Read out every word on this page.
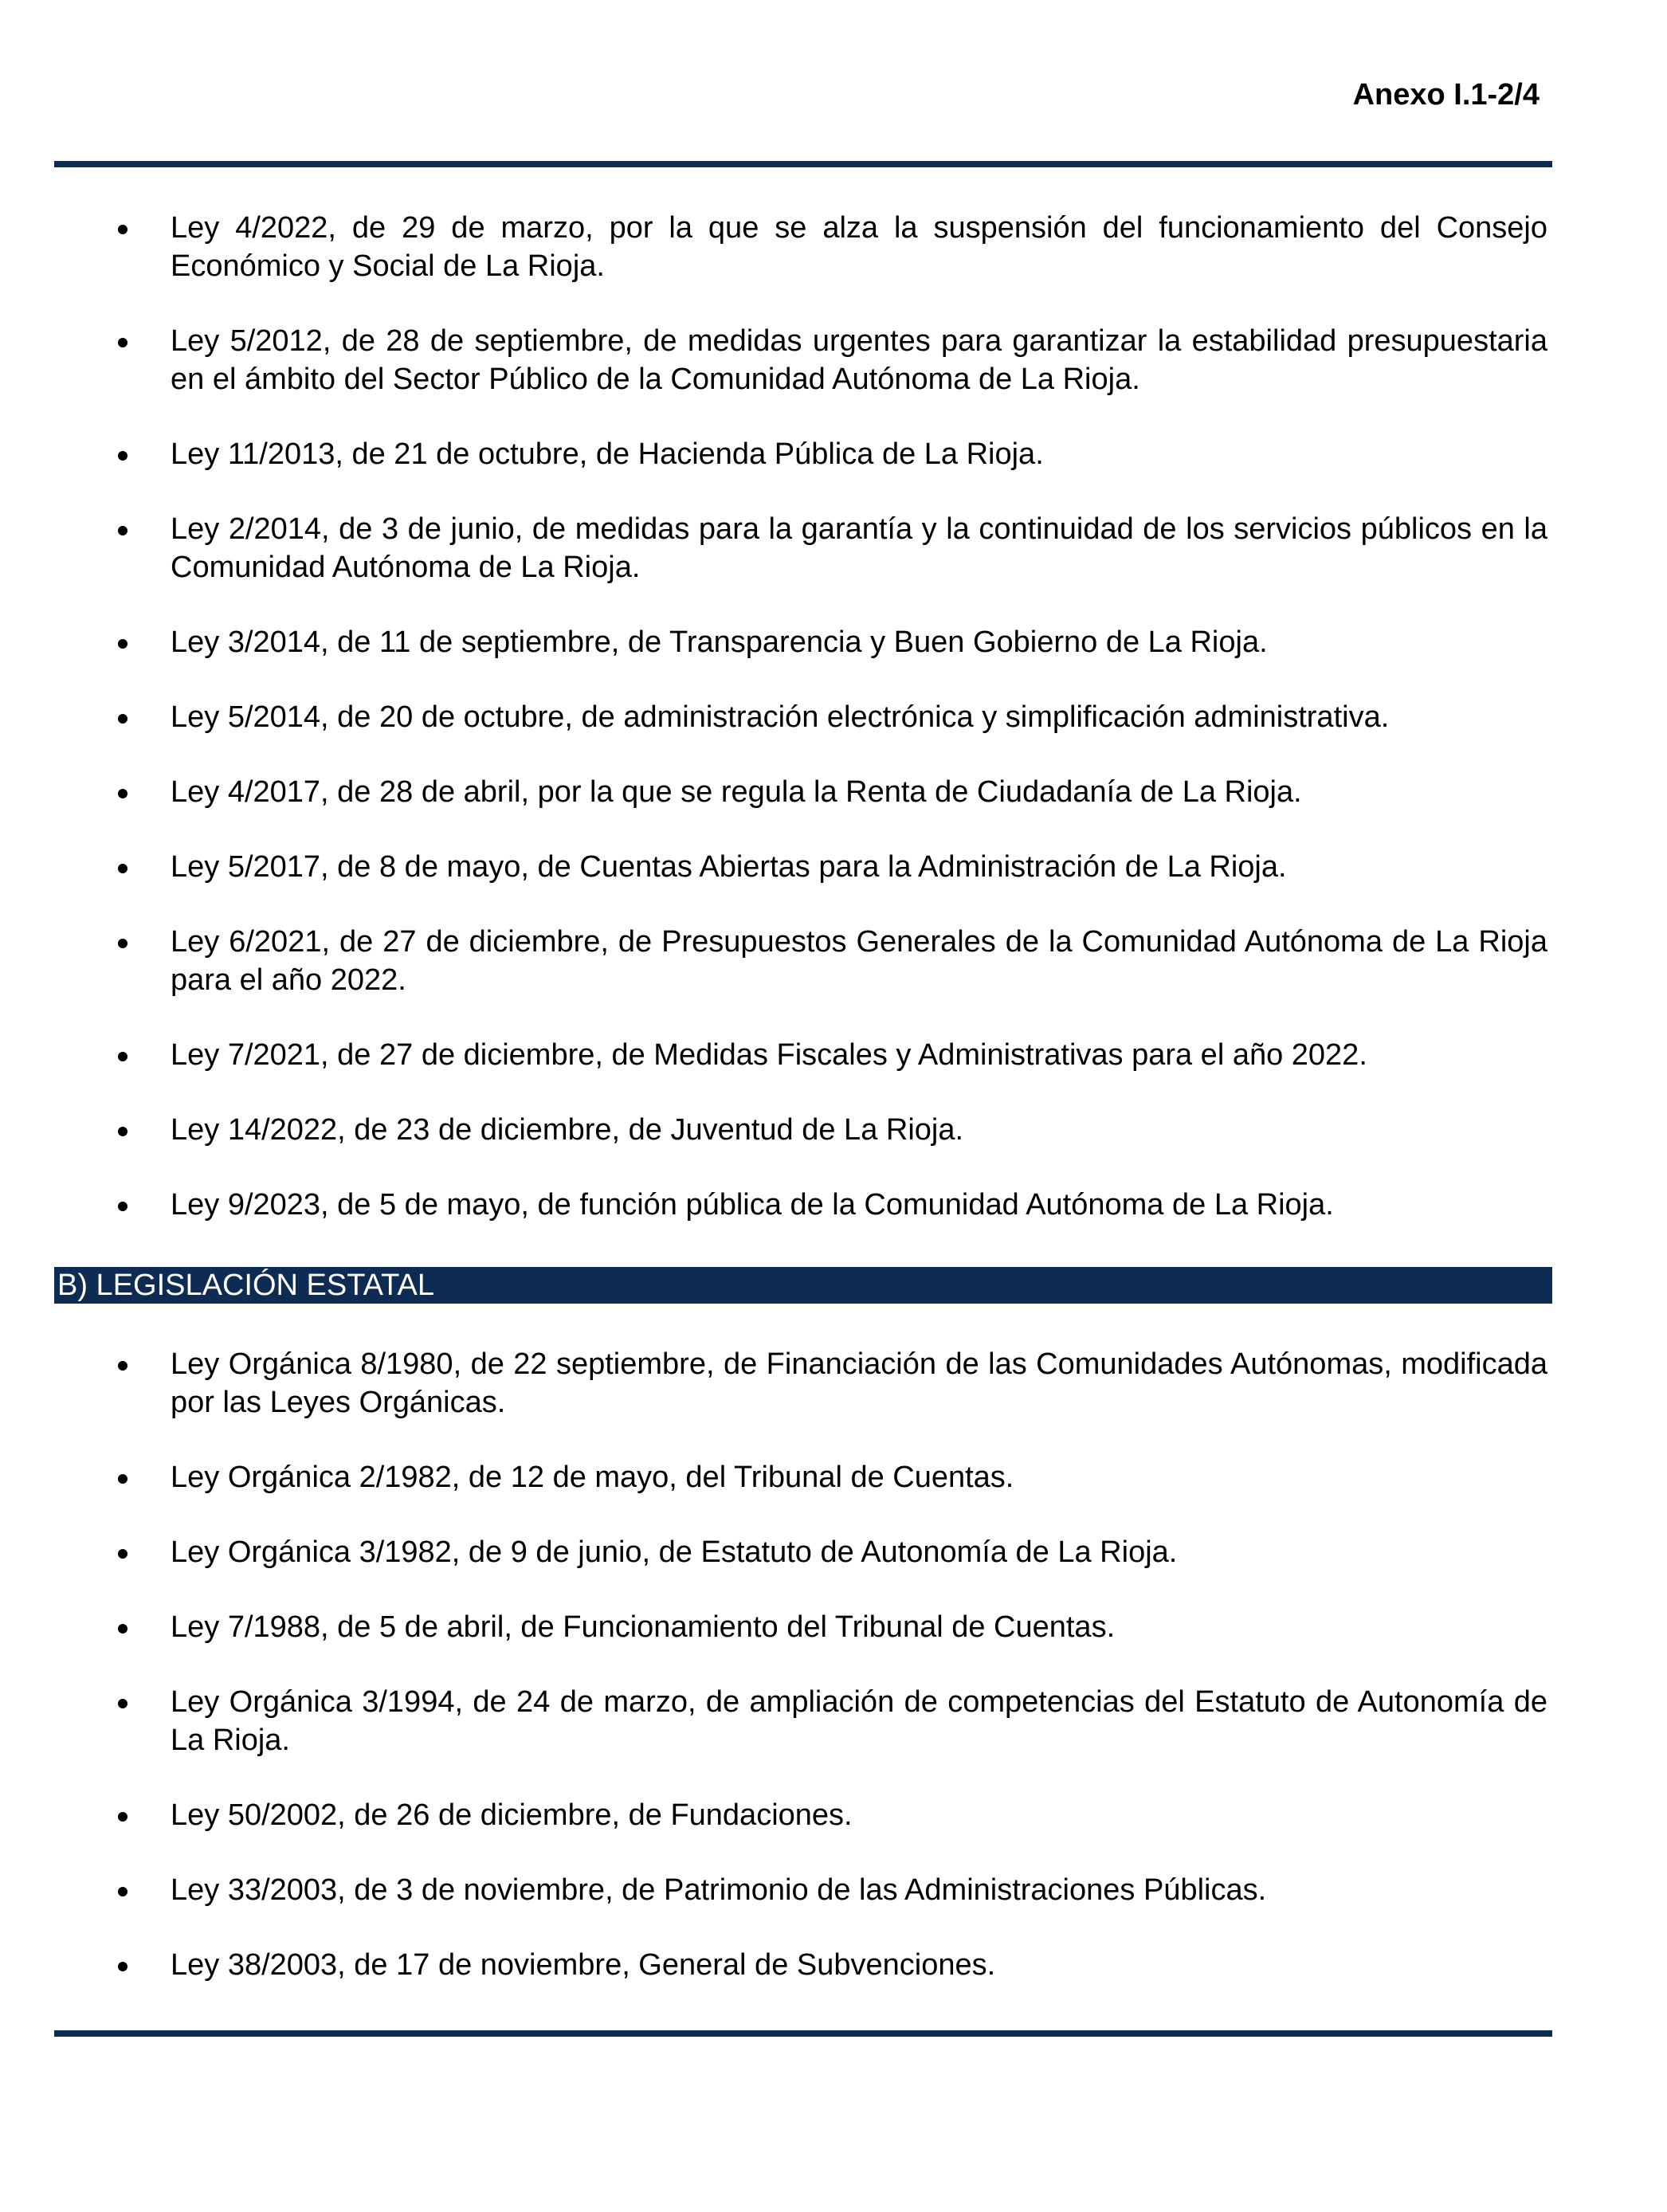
Anexo I.1-2/4
Ley 4/2022, de 29 de marzo, por la que se alza la suspensión del funcionamiento del Consejo Económico y Social de La Rioja.
Ley 5/2012, de 28 de septiembre, de medidas urgentes para garantizar la estabilidad presupuestaria en el ámbito del Sector Público de la Comunidad Autónoma de La Rioja.
Ley 11/2013, de 21 de octubre, de Hacienda Pública de La Rioja.
Ley 2/2014, de 3 de junio, de medidas para la garantía y la continuidad de los servicios públicos en la Comunidad Autónoma de La Rioja.
Ley 3/2014, de 11 de septiembre, de Transparencia y Buen Gobierno de La Rioja.
Ley 5/2014, de 20 de octubre, de administración electrónica y simplificación administrativa.
Ley 4/2017, de 28 de abril, por la que se regula la Renta de Ciudadanía de La Rioja.
Ley 5/2017, de 8 de mayo, de Cuentas Abiertas para la Administración de La Rioja.
Ley 6/2021, de 27 de diciembre, de Presupuestos Generales de la Comunidad Autónoma de La Rioja para el año 2022.
Ley 7/2021, de 27 de diciembre, de Medidas Fiscales y Administrativas para el año 2022.
Ley 14/2022, de 23 de diciembre, de Juventud de La Rioja.
Ley 9/2023, de 5 de mayo, de función pública de la Comunidad Autónoma de La Rioja.
B) LEGISLACIÓN ESTATAL
Ley Orgánica 8/1980, de 22 septiembre, de Financiación de las Comunidades Autónomas, modificada por las Leyes Orgánicas.
Ley Orgánica 2/1982, de 12 de mayo, del Tribunal de Cuentas.
Ley Orgánica 3/1982, de 9 de junio, de Estatuto de Autonomía de La Rioja.
Ley 7/1988, de 5 de abril, de Funcionamiento del Tribunal de Cuentas.
Ley Orgánica 3/1994, de 24 de marzo, de ampliación de competencias del Estatuto de Autonomía de La Rioja.
Ley 50/2002, de 26 de diciembre, de Fundaciones.
Ley 33/2003, de 3 de noviembre, de Patrimonio de las Administraciones Públicas.
Ley 38/2003, de 17 de noviembre, General de Subvenciones.
